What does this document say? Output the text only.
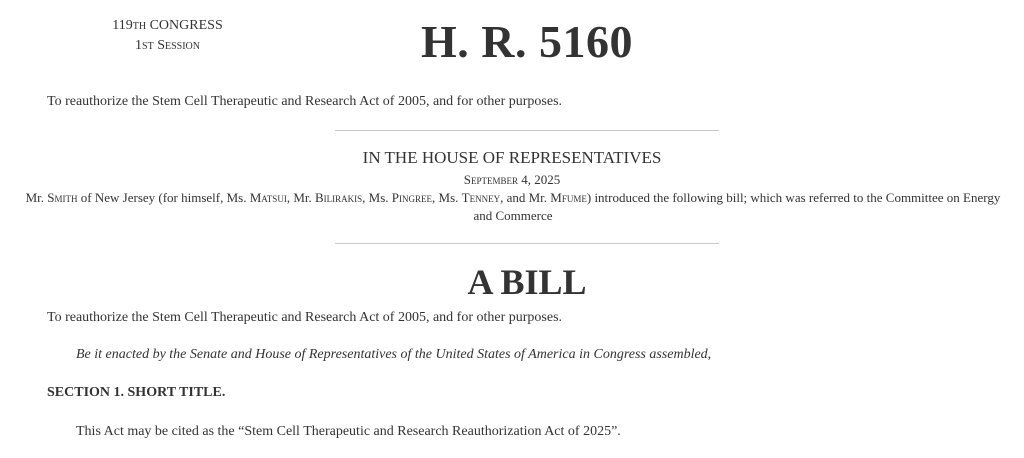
119th CONGRESS
1st Session	H. R. 5160
To reauthorize the Stem Cell Therapeutic and Research Act of 2005, and for other purposes.
IN THE HOUSE OF REPRESENTATIVES
September 4, 2025
Mr. Smith of New Jersey (for himself, Ms. Matsui, Mr. Bilirakis, Ms. Pingree, Ms. Tenney, and Mr. Mfume) introduced the following bill; which was referred to the Committee on Energy and Commerce
A BILL
To reauthorize the Stem Cell Therapeutic and Research Act of 2005, and for other purposes.
Be it enacted by the Senate and House of Representatives of the United States of America in Congress assembled,
SECTION 1. SHORT TITLE.
This Act may be cited as the “Stem Cell Therapeutic and Research Reauthorization Act of 2025”.
